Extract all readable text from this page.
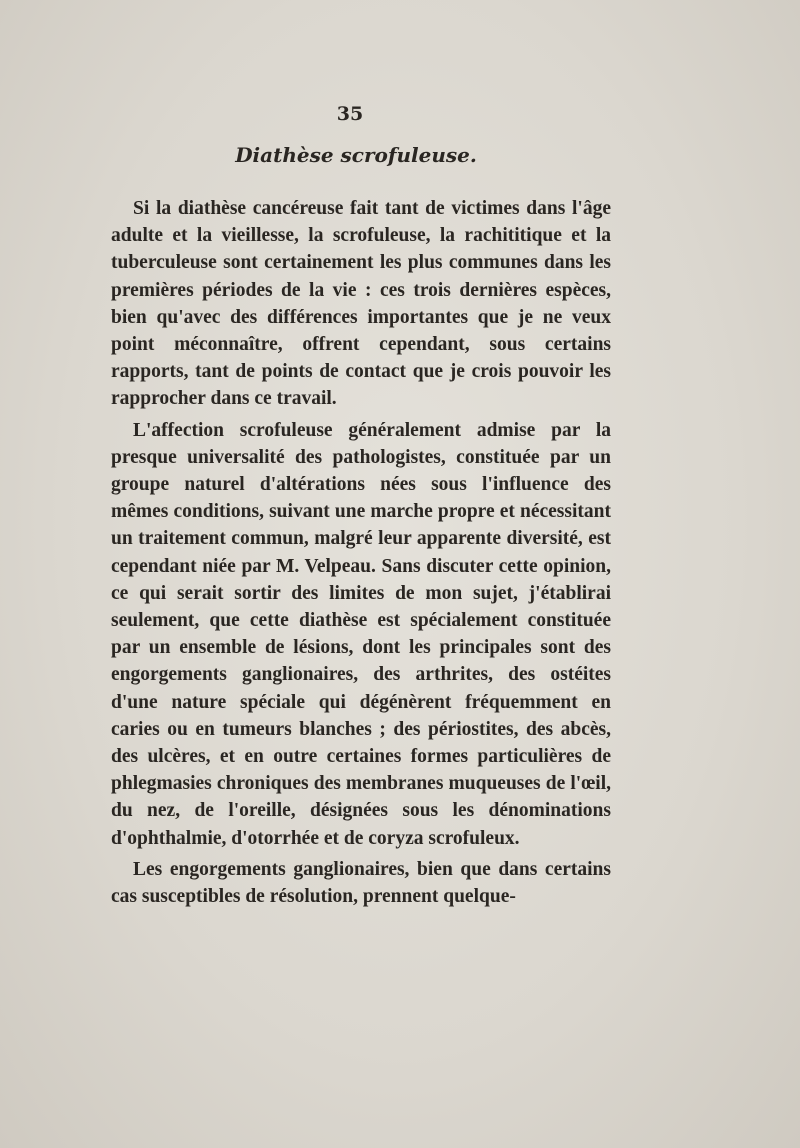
35
Diathèse scrofuleuse.

Si la diathèse cancéreuse fait tant de victimes dans l'âge adulte et la vieillesse, la scrofuleuse, la rachititique et la tuberculeuse sont certainement les plus communes dans les premières périodes de la vie : ces trois dernières espèces, bien qu'avec des différences importantes que je ne veux point méconnaître, offrent cependant, sous certains rapports, tant de points de contact que je crois pouvoir les rapprocher dans ce travail.

L'affection scrofuleuse généralement admise par la presque universalité des pathologistes, constituée par un groupe naturel d'altérations nées sous l'influence des mêmes conditions, suivant une marche propre et nécessitant un traitement commun, malgré leur apparente diversité, est cependant niée par M. Velpeau. Sans discuter cette opinion, ce qui serait sortir des limites de mon sujet, j'établirai seulement, que cette diathèse est spécialement constituée par un ensemble de lésions, dont les principales sont des engorgements ganglionaires, des arthrites, des ostéites d'une nature spéciale qui dégénèrent fréquemment en caries ou en tumeurs blanches ; des périostites, des abcès, des ulcères, et en outre certaines formes particulières de phlegmasies chroniques des membranes muqueuses de l'œil, du nez, de l'oreille, désignées sous les dénominations d'ophthalmie, d'otorrhée et de coryza scrofuleux.

Les engorgements ganglionaires, bien que dans certains cas susceptibles de résolution, prennent quelque-
